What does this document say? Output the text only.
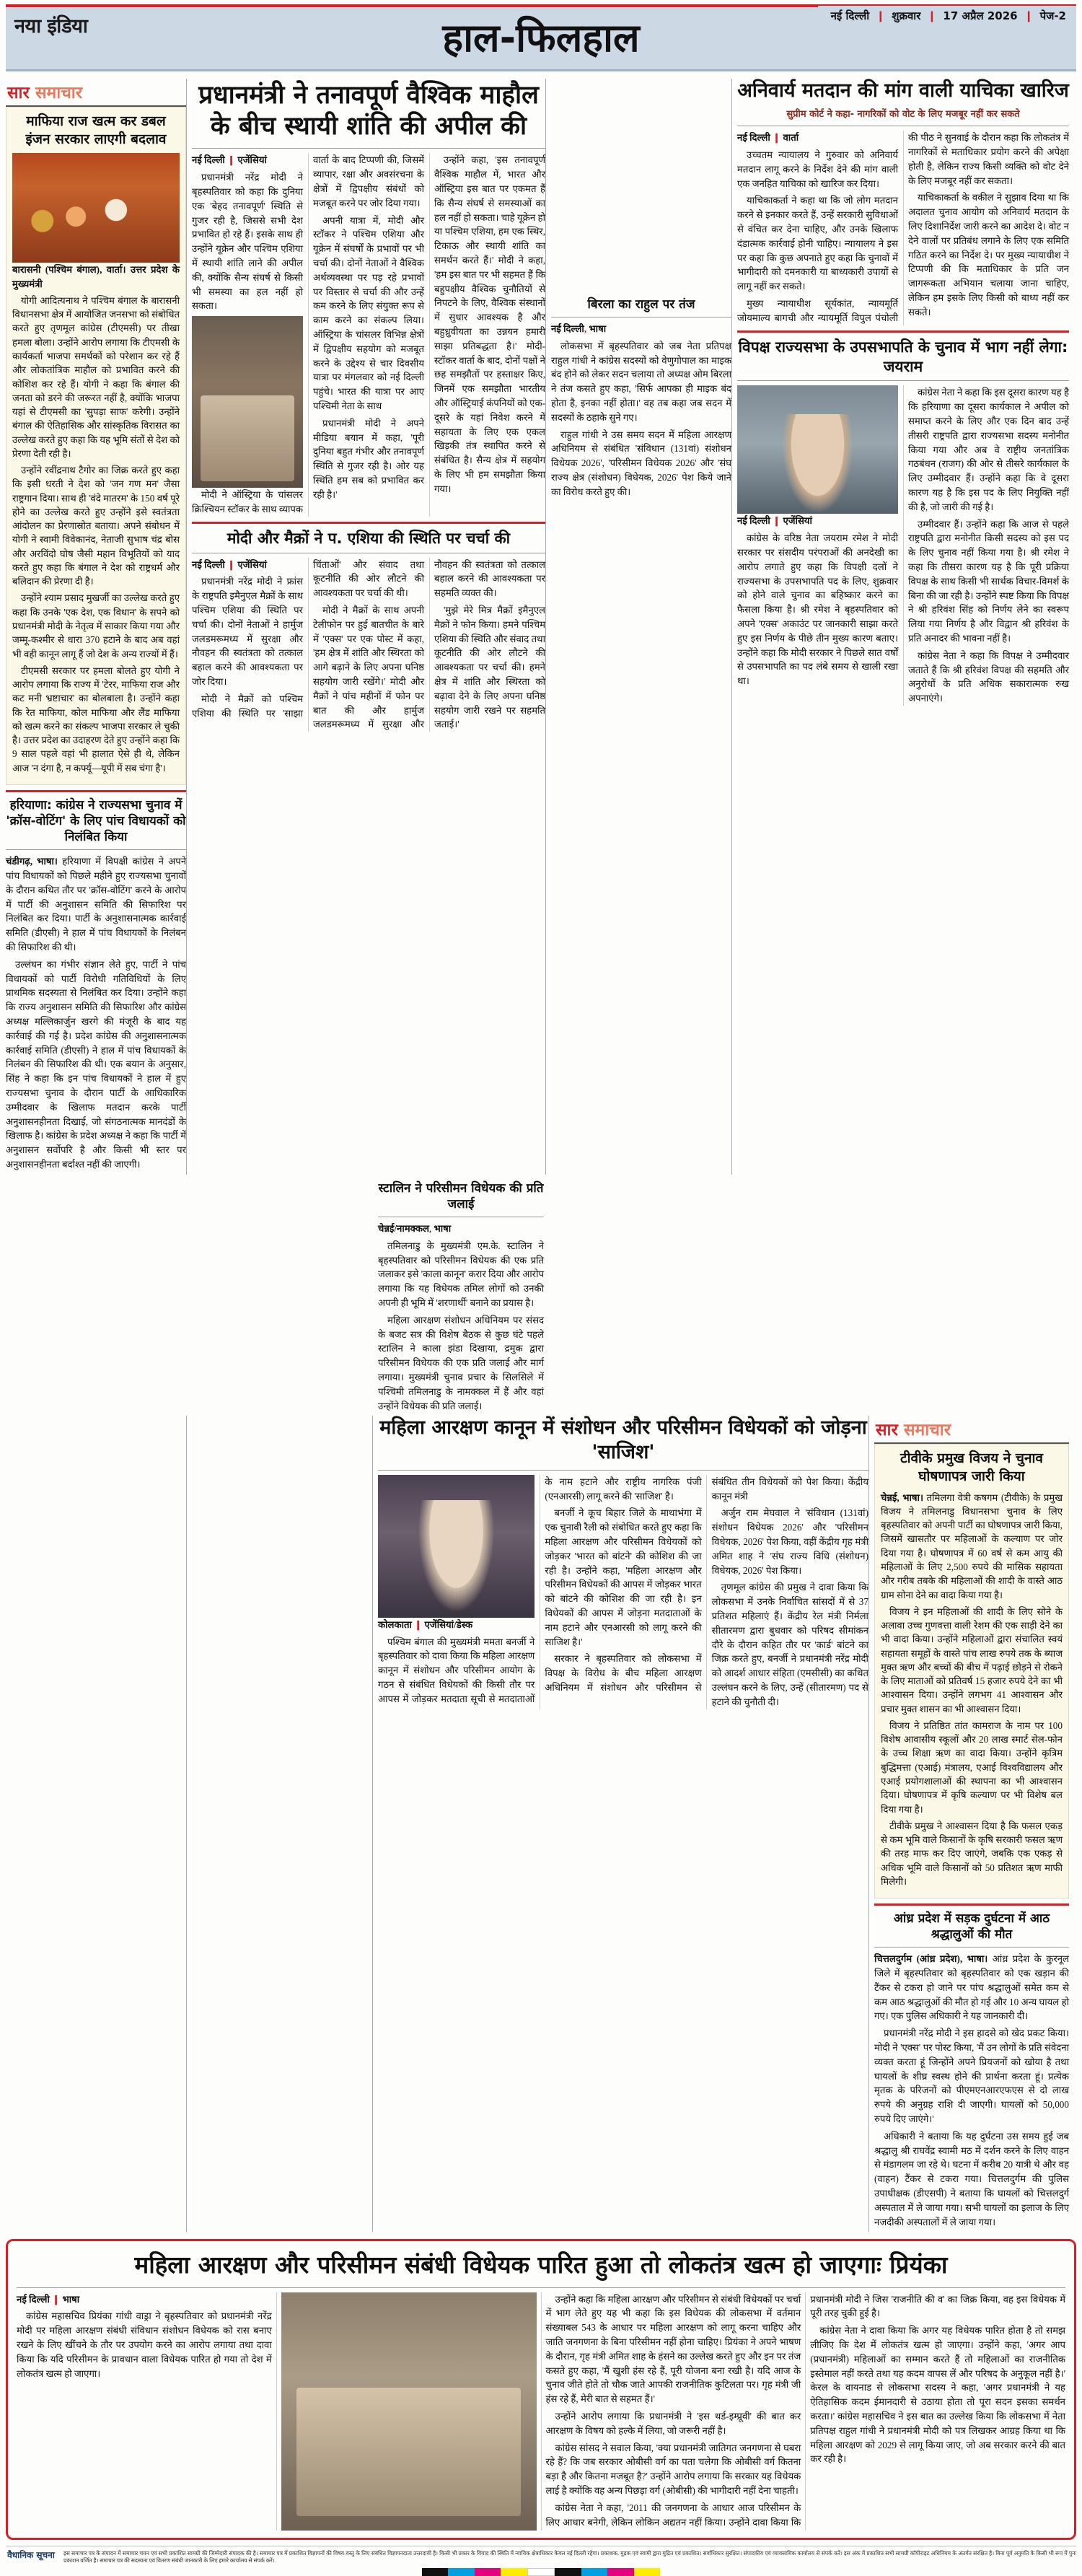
नया इंडिया	हाल-फिलहाल	नई दिल्ली ❙ शुक्रवार ❙ 17 अप्रैल 2026 ❙ पेज-2
सार समाचार
माफिया राज खत्म कर डबल इंजन सरकार लाएगी बदलाव

बारासनी (पश्चिम बंगाल), वार्ता। उत्तर प्रदेश के मुख्यमंत्री

योगी आदित्यनाथ ने पश्चिम बंगाल के बारासनी विधानसभा क्षेत्र में आयोजित जनसभा को संबोधित करते हुए तृणमूल कांग्रेस (टीएमसी) पर तीखा हमला बोला। उन्होंने आरोप लगाया कि टीएमसी के कार्यकर्ता भाजपा समर्थकों को परेशान कर रहे हैं और लोकतांत्रिक माहौल को प्रभावित करने की कोशिश कर रहे हैं। योगी ने कहा कि बंगाल की जनता को डरने की जरूरत नहीं है, क्योंकि भाजपा यहां से टीएमसी का 'सुपड़ा साफ' करेगी। उन्होंने बंगाल की ऐतिहासिक और सांस्कृतिक विरासत का उल्लेख करते हुए कहा कि यह भूमि संतों से देश को प्रेरणा देती रही है।

उन्होंने रवींद्रनाथ टैगोर का जिक्र करते हुए कहा कि इसी धरती ने देश को 'जन गण मन' जैसा राष्ट्रगान दिया। साथ ही 'वंदे मातरम' के 150 वर्ष पूरे होने का उल्लेख करते हुए उन्होंने इसे स्वतंत्रता आंदोलन का प्रेरणास्रोत बताया। अपने संबोधन में योगी ने स्वामी विवेकानंद, नेताजी सुभाष चंद्र बोस और अरविंदो घोष जैसी महान विभूतियों को याद करते हुए कहा कि बंगाल ने देश को राष्ट्रधर्म और बलिदान की प्रेरणा दी है।

उन्होंने श्याम प्रसाद मुखर्जी का उल्लेख करते हुए कहा कि उनके 'एक देश, एक विधान' के सपने को प्रधानमंत्री मोदी के नेतृत्व में साकार किया गया और जम्मू-कश्मीर से धारा 370 हटाने के बाद अब वहां भी वही कानून लागू हैं जो देश के अन्य राज्यों में हैं।

टीएमसी सरकार पर हमला बोलते हुए योगी ने आरोप लगाया कि राज्य में 'टेरर, माफिया राज और कट मनी भ्रष्टाचार' का बोलबाला है। उन्होंने कहा कि रेत माफिया, कोल माफिया और लैंड माफिया को खत्म करने का संकल्प भाजपा सरकार ले चुकी है। उत्तर प्रदेश का उदाहरण देते हुए उन्होंने कहा कि 9 साल पहले वहां भी हालात ऐसे ही थे, लेकिन आज 'न दंगा है, न कर्फ्यू—यूपी में सब चंगा है'।

हरियाणा: कांग्रेस ने राज्यसभा चुनाव में 'क्रॉस-वोटिंग' के लिए पांच विधायकों को निलंबित किया

चंडीगढ़, भाषा। हरियाणा में विपक्षी कांग्रेस ने अपने पांच विधायकों को पिछले महीने हुए राज्यसभा चुनावों के दौरान कथित तौर पर 'क्रॉस-वोटिंग' करने के आरोप में पार्टी की अनुशासन समिति की सिफारिश पर निलंबित कर दिया। पार्टी के अनुशासनात्मक कार्रवाई समिति (डीएसी) ने हाल में पांच विधायकों के निलंबन की सिफारिश की थी।

उल्लंघन का गंभीर संज्ञान लेते हुए, पार्टी ने पांच विधायकों को पार्टी विरोधी गतिविधियों के लिए प्राथमिक सदस्यता से निलंबित कर दिया। उन्होंने कहा कि राज्य अनुशासन समिति की सिफारिश और कांग्रेस अध्यक्ष मल्लिकार्जुन खरगे की मंजूरी के बाद यह कार्रवाई की गई है। प्रदेश कांग्रेस की अनुशासनात्मक कार्रवाई समिति (डीएसी) ने हाल में पांच विधायकों के निलंबन की सिफारिश की थी। एक बयान के अनुसार, सिंह ने कहा कि इन पांच विधायकों ने हाल में हुए राज्यसभा चुनाव के दौरान पार्टी के आधिकारिक उम्मीदवार के खिलाफ मतदान करके पार्टी अनुशासनहीनता दिखाई, जो संगठनात्मक मानदंडों के खिलाफ है। कांग्रेस के प्रदेश अध्यक्ष ने कहा कि पार्टी में अनुशासन सर्वोपरि है और किसी भी स्तर पर अनुशासनहीनता बर्दाश्त नहीं की जाएगी।

प्रधानमंत्री ने तनावपूर्ण वैश्विक माहौल के बीच स्थायी शांति की अपील की

नई दिल्ली ❙ एजेंसियां

प्रधानमंत्री नरेंद्र मोदी ने बृहस्पतिवार को कहा कि दुनिया एक 'बेहद तनावपूर्ण' स्थिति से गुजर रही है, जिससे सभी देश प्रभावित हो रहे हैं। इसके साथ ही उन्होंने यूक्रेन और पश्चिम एशिया में स्थायी शांति लाने की अपील की, क्योंकि सैन्य संघर्ष से किसी भी समस्या का हल नहीं हो सकता।

मोदी ने ऑस्ट्रिया के चांसलर क्रिश्चियन स्टॉकर के साथ व्यापक वार्ता के बाद टिप्पणी की, जिसमें व्यापार, रक्षा और अवसंरचना के क्षेत्रों में द्विपक्षीय संबंधों को मजबूत करने पर जोर दिया गया।

अपनी यात्रा में, मोदी और स्टॉकर ने पश्चिम एशिया और यूक्रेन में संघर्षों के प्रभावों पर भी चर्चा की। दोनों नेताओं ने वैश्विक अर्थव्यवस्था पर पड़ रहे प्रभावों पर विस्तार से चर्चा की और उन्हें कम करने के लिए संयुक्त रूप से काम करने का संकल्प लिया। ऑस्ट्रिया के चांसलर विभिन्न क्षेत्रों में द्विपक्षीय सहयोग को मजबूत करने के उद्देश्य से चार दिवसीय यात्रा पर मंगलवार को नई दिल्ली पहुंचे। भारत की यात्रा पर आए पश्चिमी नेता के साथ

प्रधानमंत्री मोदी ने अपने मीडिया बयान में कहा, 'पूरी दुनिया बहुत गंभीर और तनावपूर्ण स्थिति से गुजर रही है। ओर यह स्थिति हम सब को प्रभावित कर रही है।'

उन्होंने कहा, 'इस तनावपूर्ण वैश्विक माहौल में, भारत और ऑस्ट्रिया इस बात पर एकमत हैं कि सैन्य संघर्ष से समस्याओं का हल नहीं हो सकता। चाहे यूक्रेन हो या पश्चिम एशिया, हम एक स्थिर, टिकाऊ और स्थायी शांति का समर्थन करते हैं।' मोदी ने कहा, 'हम इस बात पर भी सहमत हैं कि बहुपक्षीय वैश्विक चुनौतियों से निपटने के लिए, वैश्विक संस्थानों में सुधार आवश्यक है और बहुध्रुवीयता का उन्नयन हमारी साझा प्रतिबद्धता है।' मोदी-स्टॉकर वार्ता के बाद, दोनों पक्षों ने छह समझौतों पर हस्ताक्षर किए, जिनमें एक समझौता भारतीय और ऑस्ट्रियाई कंपनियों को एक-दूसरे के यहां निवेश करने में सहायता के लिए एक एकल खिड़की तंत्र स्थापित करने से संबंधित है। सैन्य क्षेत्र में सहयोग के लिए भी हम समझौता किया गया।

मोदी और मैक्रों ने प. एशिया की स्थिति पर चर्चा की

नई दिल्ली ❙ एजेंसियां

प्रधानमंत्री नरेंद्र मोदी ने फ्रांस के राष्ट्रपति इमैनुएल मैक्रों के साथ पश्चिम एशिया की स्थिति पर चर्चा की। दोनों नेताओं ने हार्मुज जलडमरूमध्य में सुरक्षा और नौवहन की स्वतंत्रता को तत्काल बहाल करने की आवश्यकता पर जोर दिया।

मोदी ने मैक्रों को पश्चिम एशिया की स्थिति पर 'साझा चिंताओं' और संवाद तथा कूटनीति की ओर लौटने की आवश्यकता पर चर्चा की थी।

मोदी ने मैक्रों के साथ अपनी टेलीफोन पर हुई बातचीत के बारे में 'एक्स' पर एक पोस्ट में कहा, 'हम क्षेत्र में शांति और स्थिरता को आगे बढ़ाने के लिए अपना घनिष्ठ सहयोग जारी रखेंगे।' मोदी और मैक्रों ने पांच महीनों में फोन पर बात की और हार्मुज जलडमरूमध्य में सुरक्षा और नौवहन की स्वतंत्रता को तत्काल बहाल करने की आवश्यकता पर सहमति व्यक्त की।

'मुझे मेरे मित्र मैक्रों इमैनुएल मैक्रों ने फोन किया। हमने पश्चिम एशिया की स्थिति और संवाद तथा कूटनीति की ओर लौटने की आवश्यकता पर चर्चा की। हमने क्षेत्र में शांति और स्थिरता को बढ़ावा देने के लिए अपना घनिष्ठ सहयोग जारी रखने पर सहमति जताई।'

बिरला का राहुल पर तंज

नई दिल्ली, भाषा

लोकसभा में बृहस्पतिवार को जब नेता प्रतिपक्ष राहुल गांधी ने कांग्रेस सदस्यों को वेणुगोपाल का माइक बंद होने को लेकर सदन चलाया तो अध्यक्ष ओम बिरला ने तंज कसते हुए कहा, 'सिर्फ आपका ही माइक बंद होता है, इनका नहीं होता।' वह तब कहा जब सदन में सदस्यों के ठहाके सुने गए।

राहुल गांधी ने उस समय सदन में महिला आरक्षण अधिनियम से संबंधित 'संविधान (131वां) संशोधन विधेयक 2026', 'परिसीमन विधेयक 2026' और 'संघ राज्य क्षेत्र (संशोधन) विधेयक, 2026' पेश किये जाने का विरोध करते हुए की।

अनिवार्य मतदान की मांग वाली याचिका खारिज
सुप्रीम कोर्ट ने कहा- नागरिकों को वोट के लिए मजबूर नहीं कर सकते

नई दिल्ली ❙ वार्ता

उच्चतम न्यायालय ने गुरुवार को अनिवार्य मतदान लागू करने के निर्देश देने की मांग वाली एक जनहित याचिका को खारिज कर दिया।

याचिकाकर्ता ने कहा था कि जो लोग मतदान करने से इनकार करते हैं, उन्हें सरकारी सुविधाओं से वंचित कर देना चाहिए, और उनके खिलाफ दंडात्मक कार्रवाई होनी चाहिए। न्यायालय ने इस पर कहा कि कुछ अपनाते हुए कहा कि चुनावों में भागीदारी को दमनकारी या बाध्यकारी उपायों से लागू नहीं कर सकते।

मुख्य न्यायाधीश सूर्यकांत, न्यायमूर्ति जोयमाल्य बागची और न्यायमूर्ति विपुल पंचोली की पीठ ने सुनवाई के दौरान कहा कि लोकतंत्र में नागरिकों से मताधिकार प्रयोग करने की अपेक्षा होती है, लेकिन राज्य किसी व्यक्ति को वोट देने के लिए मजबूर नहीं कर सकता।

याचिकाकर्ता के वकील ने सुझाव दिया था कि अदालत चुनाव आयोग को अनिवार्य मतदान के लिए दिशानिर्देश जारी करने का आदेश दे। वोट न देने वालों पर प्रतिबंध लगाने के लिए एक समिति गठित करने का निर्देश दे। पर मुख्य न्यायाधीश ने टिप्पणी की कि मताधिकार के प्रति जन जागरूकता अभियान चलाया जाना चाहिए, लेकिन हम इसके लिए किसी को बाध्य नहीं कर सकते।

विपक्ष राज्यसभा के उपसभापति के चुनाव में भाग नहीं लेगा: जयराम

नई दिल्ली ❙ एजेंसियां

कांग्रेस के वरिष्ठ नेता जयराम रमेश ने मोदी सरकार पर संसदीय परंपराओं की अनदेखी का आरोप लगाते हुए कहा कि विपक्षी दलों ने राज्यसभा के उपसभापति पद के लिए, शुक्रवार को होने वाले चुनाव का बहिष्कार करने का फैसला किया है। श्री रमेश ने बृहस्पतिवार को अपने 'एक्स' अकाउंट पर जानकारी साझा करते हुए इस निर्णय के पीछे तीन मुख्य कारण बताए। उन्होंने कहा कि मोदी सरकार ने पिछले सात वर्षों से उपसभापति का पद लंबे समय से खाली रखा था।

कांग्रेस नेता ने कहा कि इस दूसरा कारण यह है कि हरियाणा का दूसरा कार्यकाल ने अपील को समाप्त करने के लिए और एक दिन बाद उन्हें तीसरी राष्ट्रपति द्वारा राज्यसभा सदस्य मनोनीत किया गया और अब वे राष्ट्रीय जनतांत्रिक गठबंधन (राजग) की ओर से तीसरे कार्यकाल के लिए उम्मीदवार हैं। उन्होंने कहा कि वे दूसरा कारण यह है कि इस पद के लिए नियुक्ति नहीं की है, जो जारी की गई है।

उम्मीदवार हैं। उन्होंने कहा कि आज से पहले राष्ट्रपति द्वारा मनोनीत किसी सदस्य को इस पद के लिए चुनाव नहीं किया गया है। श्री रमेश ने कहा कि तीसरा कारण यह है कि पूरी प्रक्रिया विपक्ष के साथ किसी भी सार्थक विचार-विमर्श के बिना की जा रही है। उन्होंने स्पष्ट किया कि विपक्ष ने श्री हरिवंश सिंह को निर्णय लेने का स्वरूप लिया गया निर्णय है और विद्वान श्री हरिवंश के प्रति अनादर की भावना नहीं है।

कांग्रेस नेता ने कहा कि विपक्ष ने उम्मीदवार जताते हैं कि श्री हरिवंश विपक्ष की सहमति और अनुरोधों के प्रति अधिक सकारात्मक रुख अपनाएंगे।

स्टालिन ने परिसीमन विधेयक की प्रति जलाई

चेन्नई/नामक्कल, भाषा

तमिलनाडु के मुख्यमंत्री एम.के. स्टालिन ने बृहस्पतिवार को परिसीमन विधेयक की एक प्रति जलाकर इसे 'काला कानून' करार दिया और आरोप लगाया कि यह विधेयक तमिल लोगों को उनकी अपनी ही भूमि में 'शरणार्थी' बनाने का प्रयास है।

महिला आरक्षण संशोधन अधिनियम पर संसद के बजट सत्र की विशेष बैठक से कुछ घंटे पहले स्टालिन ने काला झंडा दिखाया, द्रमुक द्वारा परिसीमन विधेयक की एक प्रति जलाई और मार्ग लगाया। मुख्यमंत्री चुनाव प्रचार के सिलसिले में पश्चिमी तमिलनाडु के नामक्कल में हैं और वहां उन्होंने विधेयक की प्रति जलाई।

महिला आरक्षण कानून में संशोधन और परिसीमन विधेयकों को जोड़ना 'साजिश'

कोलकाता ❙ एजेंसियां/डेस्क

पश्चिम बंगाल की मुख्यमंत्री ममता बनर्जी ने बृहस्पतिवार को दावा किया कि महिला आरक्षण कानून में संशोधन और परिसीमन आयोग के गठन से संबंधित विधेयकों की किसी तौर पर आपस में जोड़कर मतदाता सूची से मतदाताओं के नाम हटाने और राष्ट्रीय नागरिक पंजी (एनआरसी) लागू करने की 'साजिश' है।

बनर्जी ने कूच बिहार जिले के माथाभंगा में एक चुनावी रैली को संबोधित करते हुए कहा कि महिला आरक्षण और परिसीमन विधेयकों को जोड़कर 'भारत को बांटने' की कोशिश की जा रही है। उन्होंने कहा, 'महिला आरक्षण और परिसीमन विधेयकों की आपस में जोड़कर भारत को बांटने की कोशिश की जा रही है। इन विधेयकों की आपस में जोड़ना मतदाताओं के नाम हटाने और एनआरसी को लागू करने की साजिश है।'

सरकार ने बृहस्पतिवार को लोकसभा में विपक्ष के विरोध के बीच महिला आरक्षण अधिनियम में संशोधन और परिसीमन से संबंधित तीन विधेयकों को पेश किया। केंद्रीय कानून मंत्री

अर्जुन राम मेघवाल ने 'संविधान (131वां) संशोधन विधेयक 2026' और 'परिसीमन विधेयक, 2026' पेश किया, वहीं केंद्रीय गृह मंत्री अमित शाह ने 'संघ राज्य विधि (संशोधन) विधेयक, 2026' पेश किया।

तृणमूल कांग्रेस की प्रमुख ने दावा किया कि लोकसभा में उनके निर्वाचित सांसदों में से 37 प्रतिशत महिलाएं हैं। केंद्रीय रेल मंत्री निर्मला सीतारमण द्वारा बुधवार को परिषद सीमांकन दौरे के दौरान कहित तौर पर 'कार्ड' बांटने का जिक्र करते हुए, बनर्जी ने प्रधानमंत्री नरेंद्र मोदी को आदर्श आधार संहिता (एमसीसी) का कथित उल्लंघन करने के लिए, उन्हें (सीतारमण) पद से हटाने की चुनौती दी।

सार समाचार
टीवीके प्रमुख विजय ने चुनाव घोषणापत्र जारी किया

चेन्नई, भाषा। तमिलगा वेत्री कषगम (टीवीके) के प्रमुख विजय ने तमिलनाडु विधानसभा चुनाव के लिए बृहस्पतिवार को अपनी पार्टी का घोषणापत्र जारी किया, जिसमें खासतौर पर महिलाओं के कल्याण पर जोर दिया गया है। घोषणापत्र में 60 वर्ष से कम आयु की महिलाओं के लिए 2,500 रुपये की मासिक सहायता और गरीब तबके की महिलाओं की शादी के वास्ते आठ ग्राम सोना देने का वादा किया गया है।

विजय ने इन महिलाओं की शादी के लिए सोने के अलावा उच्च गुणवत्ता वाली रेशम की एक साड़ी देने का भी वादा किया। उन्होंने महिलाओं द्वारा संचालित स्वयं सहायता समूहों के वास्ते पांच लाख रुपये तक के ब्याज मुक्त ऋण और बच्चों की बीच में पढ़ाई छोड़ने से रोकने के लिए माताओं को प्रतिवर्ष 15 हजार रुपये देने का भी आश्वासन दिया। उन्होंने लगभग 41 आश्वासन और प्रचार मुक्त शासन का भी आश्वासन दिया।

विजय ने प्रतिष्ठित तांत कामराज के नाम पर 100 विशेष आवासीय स्कूलों और 20 लाख स्मार्ट सेल-फोन के उच्च शिक्षा ऋण का वादा किया। उन्होंने कृत्रिम बुद्धिमत्ता (एआई) मंत्रालय, एआई विश्वविद्यालय और एआई प्रयोगशालाओं की स्थापना का भी आश्वासन दिया। घोषणापत्र में कृषि कल्याण पर भी विशेष बल दिया गया है।

टीवीके प्रमुख ने आश्वासन दिया है कि फसल एकड़ से कम भूमि वाले किसानों के कृषि सरकारी फसल ऋण की तरह माफ कर दिए जाएंगे, जबकि एक एकड़ से अधिक भूमि वाले किसानों को 50 प्रतिशत ऋण माफी मिलेगी।

आंध्र प्रदेश में सड़क दुर्घटना में आठ श्रद्धालुओं की मौत

चित्तलदुर्गम (आंध्र प्रदेश), भाषा। आंध्र प्रदेश के कुरनूल जिले में बृहस्पतिवार को बृहस्पतिवार को एक खड़ान की टैंकर से टकरा हो जाने पर पांच श्रद्धालुओं समेत कम से कम आठ श्रद्धालुओं की मौत हो गई और 10 अन्य घायल हो गए। एक पुलिस अधिकारी ने यह जानकारी दी।

प्रधानमंत्री नरेंद्र मोदी ने इस हादसे को खेद प्रकट किया। मोदी ने 'एक्स' पर पोस्ट किया, 'मैं उन लोगों के प्रति संवेदना व्यक्त करता हूं जिन्होंने अपने प्रियजनों को खोया है तथा घायलों के शीघ्र स्वस्थ होने की प्रार्थना करता हूं। प्रत्येक मृतक के परिजनों को पीएमएनआरएफएस से दो लाख रुपये की अनुग्रह राशि दी जाएगी। घायलों को 50,000 रुपये दिए जाएंगे।'

अधिकारी ने बताया कि यह दुर्घटना उस समय हुई जब श्रद्धालु श्री राघवेंद्र स्वामी मठ में दर्शन करने के लिए वाहन से मंडागलम जा रहे थे। घटना में करीब 20 यात्री थे और वह (वाहन) टैंकर से टकरा गया। चित्तलदुर्गम की पुलिस उपाधीक्षक (डीएसपी) ने बताया कि घायलों को चित्तलदुर्ग अस्पताल में ले जाया गया। सभी घायलों का इलाज के लिए नजदीकी अस्पतालों में ले जाया गया।

महिला आरक्षण और परिसीमन संबंधी विधेयक पारित हुआ तो लोकतंत्र खत्म हो जाएगाः प्रियंका

नई दिल्ली ❙ भाषा

कांग्रेस महासचिव प्रियंका गांधी वाड्रा ने बृहस्पतिवार को प्रधानमंत्री नरेंद्र मोदी पर महिला आरक्षण संबंधी संविधान संशोधन विधेयक को रास बनाए रखने के लिए खींचने के तौर पर उपयोग करने का आरोप लगाया तथा दावा किया कि यदि परिसीमन के प्रावधान वाला विधेयक पारित हो गया तो देश में लोकतंत्र खत्म हो जाएगा।

उन्होंने कहा कि महिला आरक्षण और परिसीमन से संबंधी विधेयकों पर चर्चा में भाग लेते हुए यह भी कहा कि इस विधेयक की लोकसभा में वर्तमान संख्याबल 543 के आधार पर महिला आरक्षण को लागू करना चाहिए और जाति जनगणना के बिना परिसीमन नहीं होना चाहिए। प्रियंका ने अपने भाषण के दौरान, गृह मंत्री अमित शाह के हंसने का उल्लेख करते हुए और इन पर तंज कसते हुए कहा, 'मैं खुशी हंस रहे हैं, पूरी योजना बना रखी है। यदि आज के चुनाव जीते होते तो चौक जाते आपकी राजनीतिक कुटिलता पर। गृह मंत्री जी हंस रहे हैं, मेरी बात से सहमत हैं।'

उन्होंने आरोप लगाया कि प्रधानमंत्री ने 'इस थर्ड-इम्प्रूवी' की बात कर आरक्षण के विषय को हल्के में लिया, जो जरूरी नहीं है।

कांग्रेस सांसद ने सवाल किया, 'क्या प्रधानमंत्री जातिगत जनगणना से घबरा रहे हैं? कि जब सरकार ओबीसी वर्ग का पता चलेगा कि ओबीसी वर्ग कितना बड़ा है और कितना मजबूत है?' उन्होंने आरोप लगाया कि सरकार यह विधेयक लाई है क्योंकि वह अन्य पिछड़ा वर्ग (ओबीसी) की भागीदारी नहीं देना चाहती।

कांग्रेस नेता ने कहा, '2011 की जनगणना के आधार आज परिसीमन के लिए आधार बनेगी, लेकिन लोकिन अद्यतन नहीं किया। उन्होंने दावा किया कि प्रधानमंत्री मोदी ने जिस 'राजनीति की व' का जिक्र किया, वह इस विधेयक में पूरी तरह चुकी हुई है।

कांग्रेस नेता ने दावा किया कि अगर यह विधेयक पारित होता है तो समझ लीजिए कि देश में लोकतंत्र खत्म हो जाएगा। उन्होंने कहा, 'अगर आप (प्रधानमंत्री) महिलाओं का सम्मान करते हैं तो महिलाओं का राजनीतिक इस्तेमाल नहीं करते तथा यह कदम वापस लें और परिषद के अनुकूल नहीं है।' केरल के वायनाड से लोकसभा सदस्य ने कहा, 'अगर प्रधानमंत्री ने यह ऐतिहासिक कदम ईमानदारी से उठाया होता तो पूरा सदन इसका समर्थन करता।' कांग्रेस महासचिव ने इस बात का उल्लेख किया कि लोकसभा में नेता प्रतिपक्ष राहुल गांधी ने प्रधानमंत्री मोदी को पत्र लिखकर आग्रह किया था कि महिला आरक्षण को 2029 से लागू किया जाए, जो अब सरकार करने की बात कर रही है।

वैधानिक सूचना इस समाचार पत्र के संपादन में समाचार चयन एवं सभी प्रकाशित सामग्री की जिम्मेदारी संपादक की है। समाचार पत्र में प्रकाशित विज्ञापनों की विषय-वस्तु के लिए संबंधित विज्ञापनदाता उत्तरदायी है। किसी भी प्रकार के विवाद की स्थिति में न्यायिक क्षेत्राधिकार केवल नई दिल्ली रहेगा। प्रकाशक, मुद्रक एवं स्वामी द्वारा मुद्रित एवं प्रकाशित। सर्वाधिकार सुरक्षित। संपादकीय एवं व्यावसायिक कार्यालय से संपर्क करें। इस अंक में प्रकाशित सभी सामग्री कॉपीराइट अधिनियम के अंतर्गत संरक्षित है। बिना पूर्व अनुमति के किसी भी रूप में पुनः प्रकाशन वर्जित है। समाचार पत्र की सदस्यता एवं वितरण संबंधी जानकारी के लिए हमारे कार्यालय से संपर्क करें।
